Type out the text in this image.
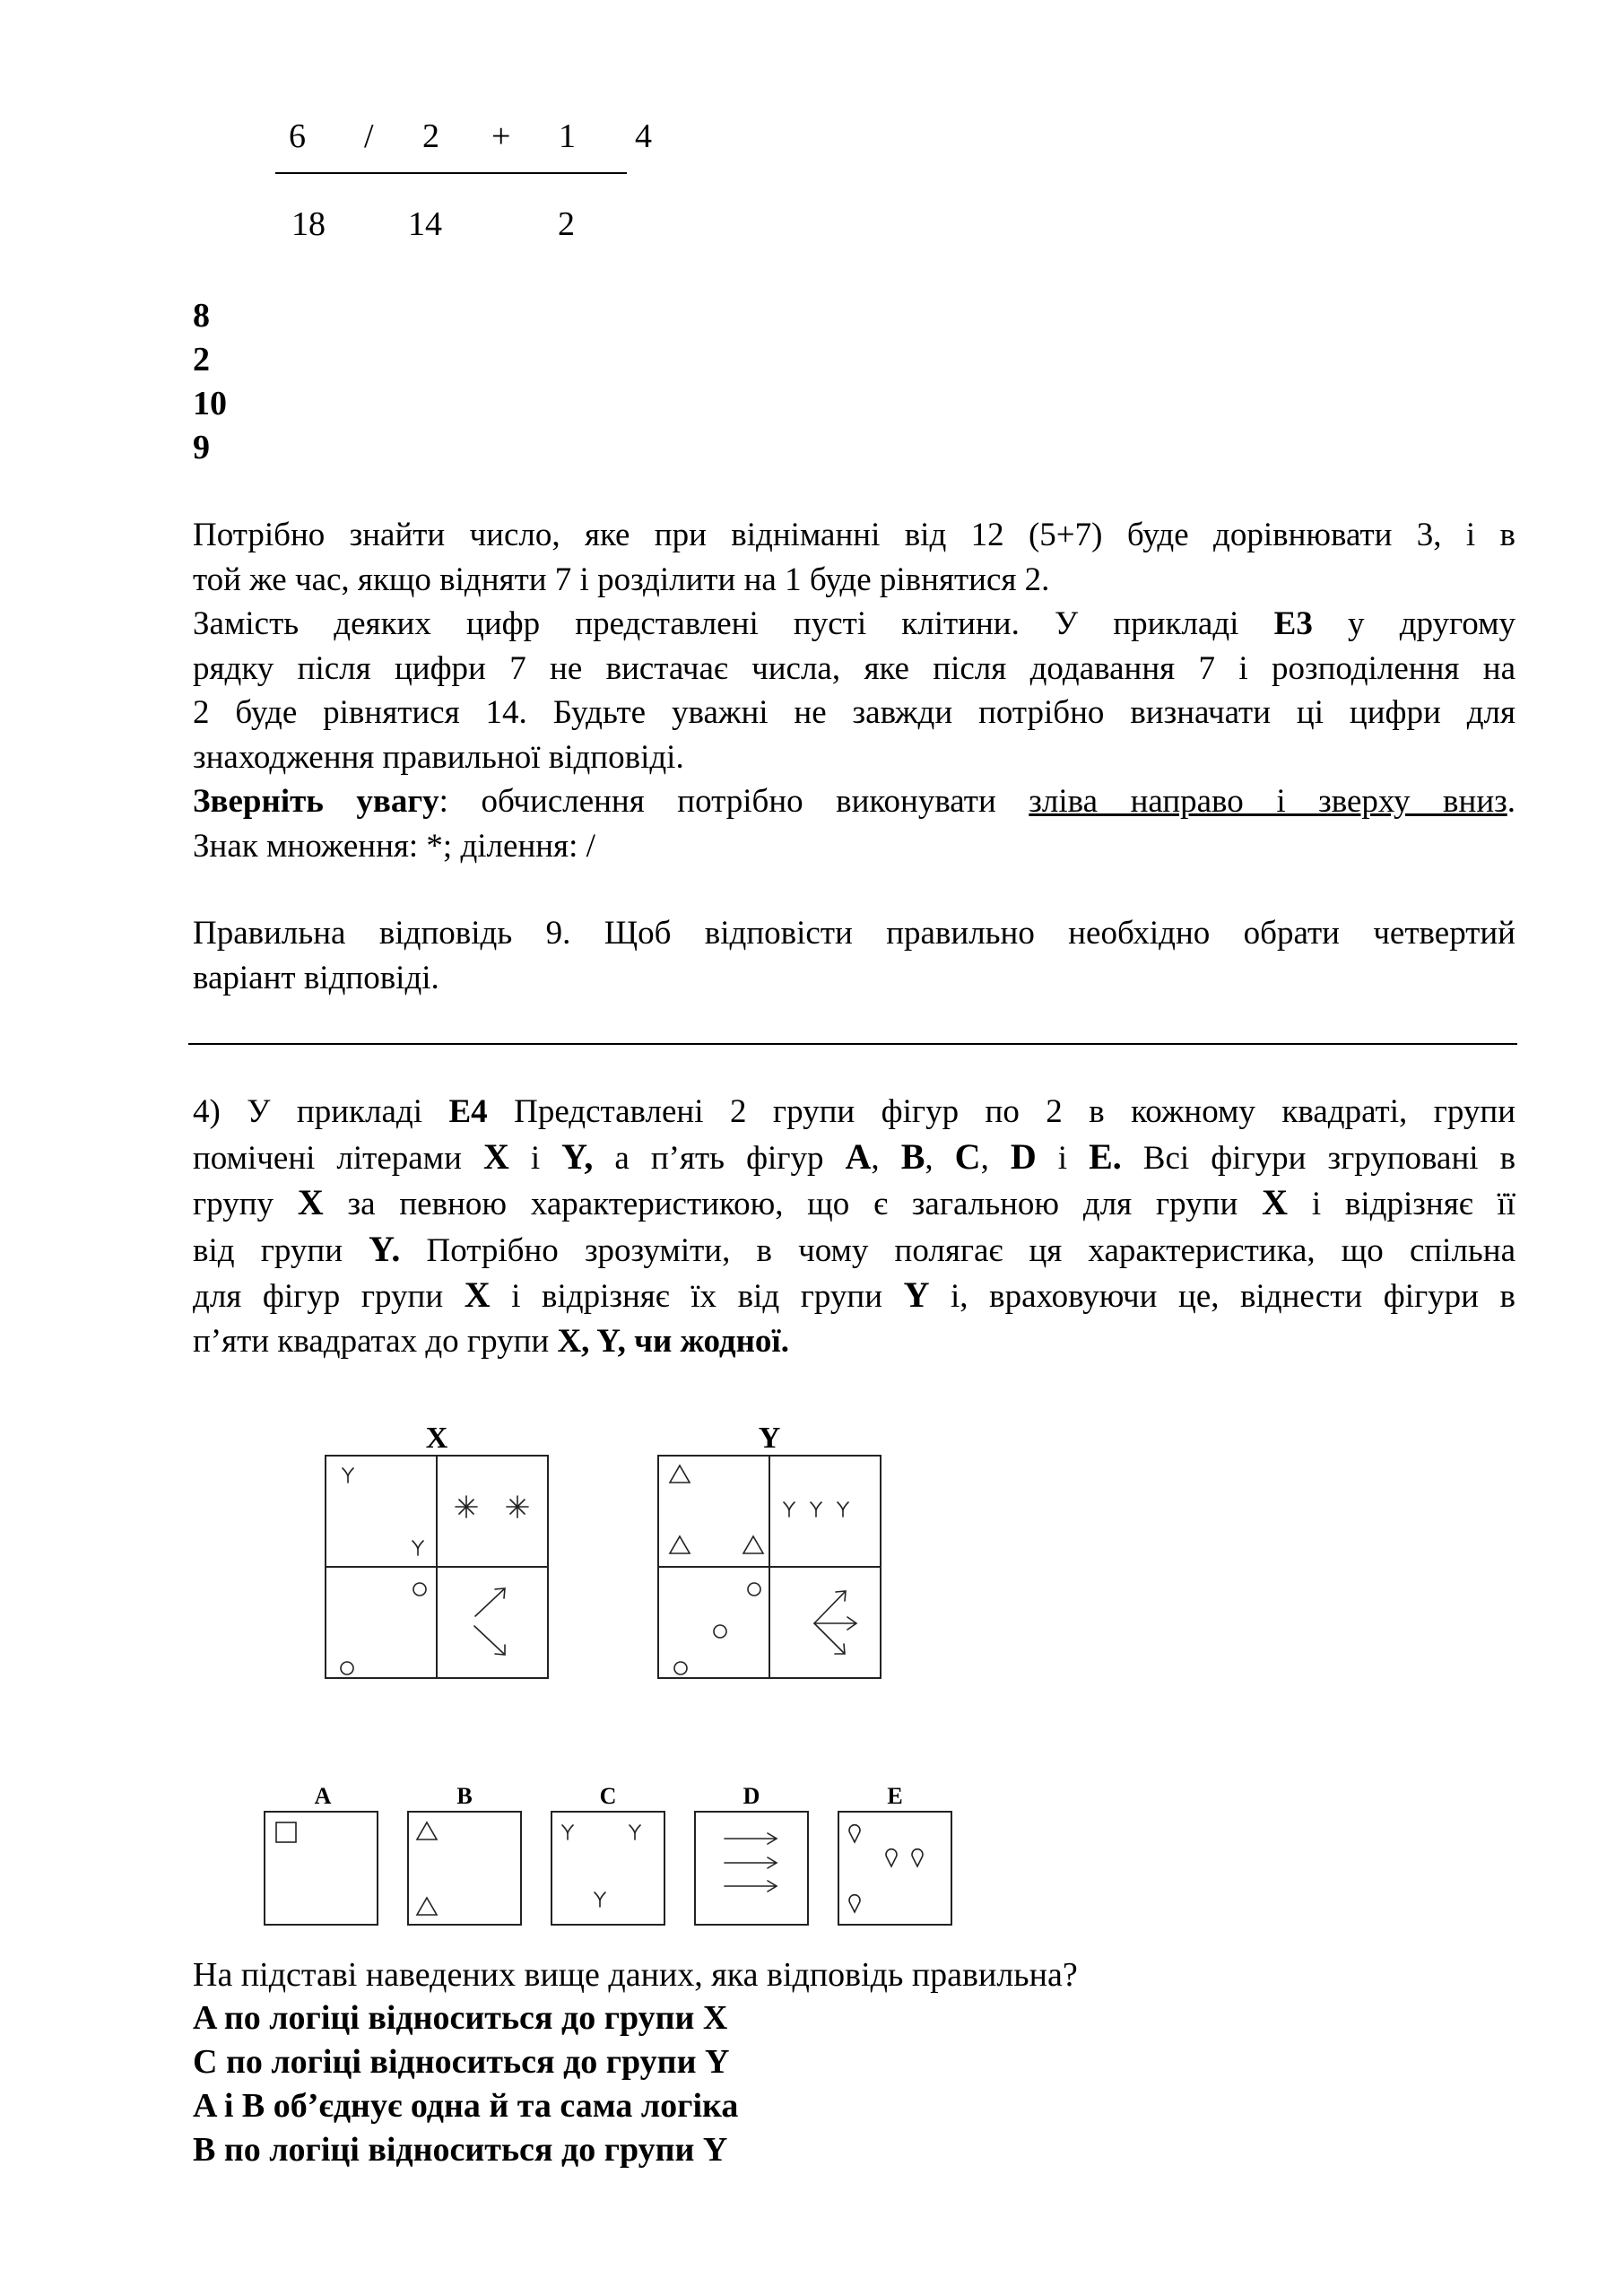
6 / 2 + 1 4
18 14	2
8
2
10
9
Потрібно знайти число, яке при відніманні від 12 (5+7) буде дорівнювати 3, і в
той же час, якщо відняти 7 і розділити на 1 буде рівнятися 2.
Замість деяких цифр представлені пусті клітини. У прикладі Е3 у другому
рядку після цифри 7 не вистачає числа, яке після додавання 7 і розподілення на
2 буде рівнятися 14. Будьте уважні не завжди потрібно визначати ці цифри для
знаходження правильної відповіді.
Зверніть увагу: обчислення потрібно виконувати зліва направо і зверху вниз.
Знак множення: *; ділення: /
Правильна відповідь 9. Щоб відповісти правильно необхідно обрати четвертий
варіант відповіді.
4) У прикладі Е4 Представлені 2 групи фігур по 2 в кожному квадраті, групи
помічені літерами X і Y, а п’ять фігур A, B, C, D і E. Всі фігури згруповані в
групу X за певною характеристикою, що є загальною для групи X і відрізняє її
від групи Y. Потрібно зрозуміти, в чому полягає ця характеристика, що спільна
для фігур групи X і відрізняє їх від групи Y і, враховуючи це, віднести фігури в
п’яти квадратах до групи X, Y, чи жодної.
X	Y
A	B	C	D	E
На підставі наведених вище даних, яка відповідь правильна?
A по логіці відноситься до групи X
C по логіці відноситься до групи Y
A і B об’єднує одна й та сама логіка
B по логіці відноситься до групи Y
